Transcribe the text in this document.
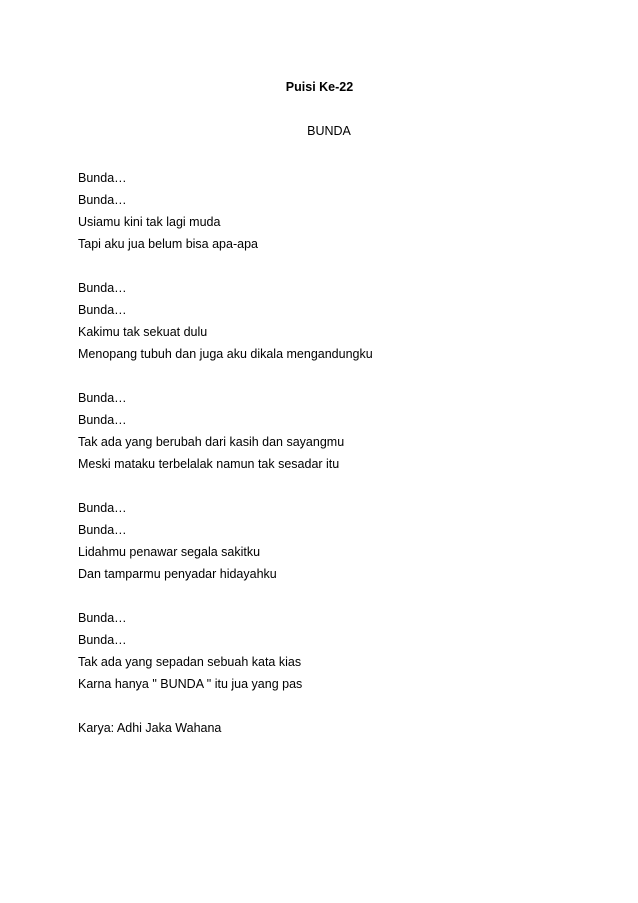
Puisi Ke-22
BUNDA
Bunda…
Bunda…
Usiamu kini tak lagi muda
Tapi aku jua belum bisa apa-apa
Bunda…
Bunda…
Kakimu tak sekuat dulu
Menopang tubuh dan juga aku dikala mengandungku
Bunda…
Bunda…
Tak ada yang berubah dari kasih dan sayangmu
Meski mataku terbelalak namun tak sesadar itu
Bunda…
Bunda…
Lidahmu penawar segala sakitku
Dan tamparmu penyadar hidayahku
Bunda…
Bunda…
Tak ada yang sepadan sebuah kata kias
Karna hanya " BUNDA " itu jua yang pas
Karya: Adhi Jaka Wahana
